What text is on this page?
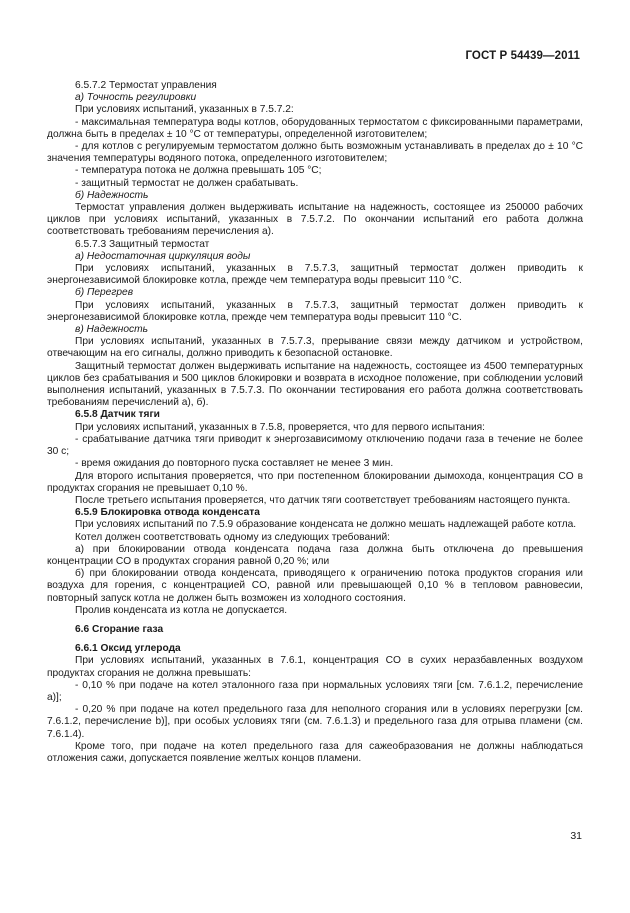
ГОСТ Р 54439—2011

6.5.7.2 Термостат управления

а) Точность регулировки

При условиях испытаний, указанных в 7.5.7.2:

- максимальная температура воды котлов, оборудованных термостатом с фиксированными параметрами, должна быть в пределах ± 10 °C от температуры, определенной изготовителем;

- для котлов с регулируемым термостатом должно быть возможным устанавливать в пределах до ± 10 °C значения температуры водяного потока, определенного изготовителем;

- температура потока не должна превышать 105 °C;

- защитный термостат не должен срабатывать.

б) Надежность

Термостат управления должен выдерживать испытание на надежность, состоящее из 250000 рабочих циклов при условиях испытаний, указанных в 7.5.7.2. По окончании испытаний его работа должна соответствовать требованиям перечисления а).

6.5.7.3 Защитный термостат

а) Недостаточная циркуляция воды

При условиях испытаний, указанных в 7.5.7.3, защитный термостат должен приводить к энергонезависимой блокировке котла, прежде чем температура воды превысит 110 °C.

б) Перегрев

При условиях испытаний, указанных в 7.5.7.3, защитный термостат должен приводить к энергонезависимой блокировке котла, прежде чем температура воды превысит 110 °C.

в) Надежность

При условиях испытаний, указанных в 7.5.7.3, прерывание связи между датчиком и устройством, отвечающим на его сигналы, должно приводить к безопасной остановке.

Защитный термостат должен выдерживать испытание на надежность, состоящее из 4500 температурных циклов без срабатывания и 500 циклов блокировки и возврата в исходное положение, при соблюдении условий выполнения испытаний, указанных в 7.5.7.3. По окончании тестирования его работа должна соответствовать требованиям перечислений а), б).

6.5.8 Датчик тяги

При условиях испытаний, указанных в 7.5.8, проверяется, что для первого испытания:

- срабатывание датчика тяги приводит к энергозависимому отключению подачи газа в течение не более 30 с;

- время ожидания до повторного пуска составляет не менее 3 мин.

Для второго испытания проверяется, что при постепенном блокировании дымохода, концентрация CO в продуктах сгорания не превышает 0,10 %.

После третьего испытания проверяется, что датчик тяги соответствует требованиям настоящего пункта.

6.5.9 Блокировка отвода конденсата

При условиях испытаний по 7.5.9 образование конденсата не должно мешать надлежащей работе котла.

Котел должен соответствовать одному из следующих требований:

а) при блокировании отвода конденсата подача газа должна быть отключена до превышения концентрации CO в продуктах сгорания равной 0,20 %; или

б) при блокировании отвода конденсата, приводящего к ограничению потока продуктов сгорания или воздуха для горения, с концентрацией CO, равной или превышающей 0,10 % в тепловом равновесии, повторный запуск котла не должен быть возможен из холодного состояния.

Пролив конденсата из котла не допускается.

6.6 Сгорание газа

6.6.1 Оксид углерода

При условиях испытаний, указанных в 7.6.1, концентрация CO в сухих неразбавленных воздухом продуктах сгорания не должна превышать:

- 0,10 % при подаче на котел эталонного газа при нормальных условиях тяги [см. 7.6.1.2, перечисление а)];

- 0,20 % при подаче на котел предельного газа для неполного сгорания или в условиях перегрузки [см. 7.6.1.2, перечисление b)], при особых условиях тяги (см. 7.6.1.3) и предельного газа для отрыва пламени (см. 7.6.1.4).

Кроме того, при подаче на котел предельного газа для сажеобразования не должны наблюдаться отложения сажи, допускается появление желтых концов пламени.

31
